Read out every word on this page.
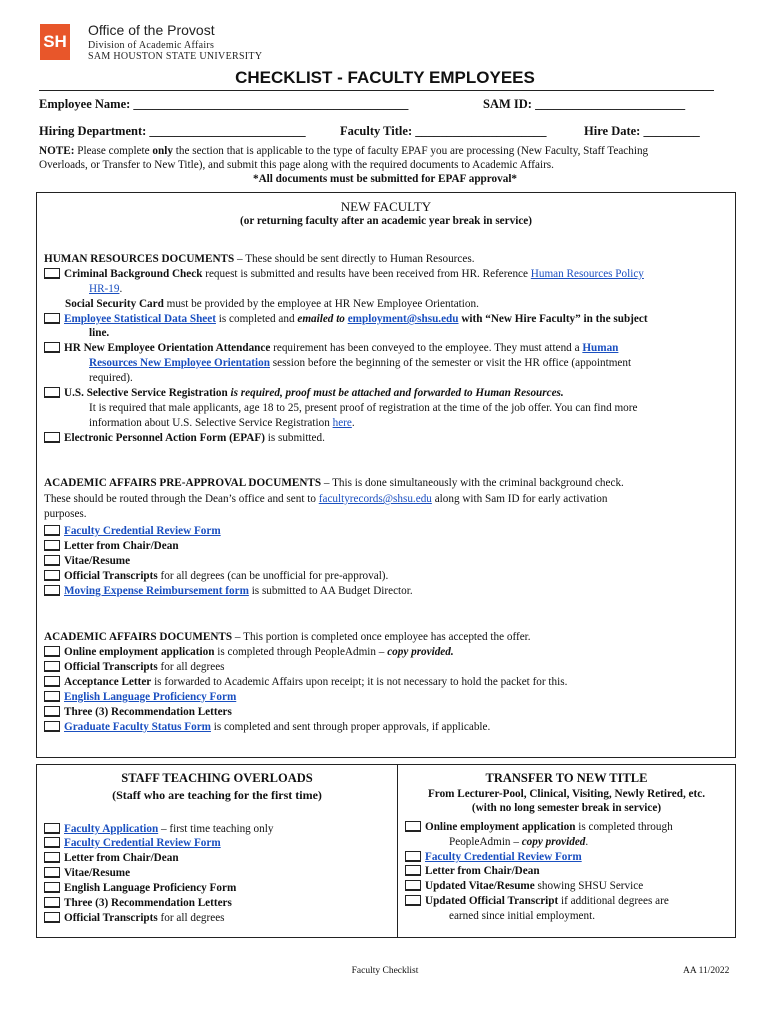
SH
Office of the Provost
Division of Academic Affairs
SAM HOUSTON STATE UNIVERSITY
CHECKLIST - FACULTY EMPLOYEES
Employee Name: ____________________________________________	SAM ID: ________________________
Hiring Department: _________________________	Faculty Title: _____________________	Hire Date: _________
NOTE: Please complete only the section that is applicable to the type of faculty EPAF you are processing (New Faculty, Staff Teaching
Overloads, or Transfer to New Title), and submit this page along with the required documents to Academic Affairs.
*All documents must be submitted for EPAF approval*
NEW FACULTY
(or returning faculty after an academic year break in service)
HUMAN RESOURCES DOCUMENTS – These should be sent directly to Human Resources.
Criminal Background Check request is submitted and results have been received from HR. Reference Human Resources Policy
HR-19.
Social Security Card must be provided by the employee at HR New Employee Orientation.
Employee Statistical Data Sheet is completed and emailed to employment@shsu.edu with “New Hire Faculty” in the subject
line.
HR New Employee Orientation Attendance requirement has been conveyed to the employee. They must attend a Human
Resources New Employee Orientation session before the beginning of the semester or visit the HR office (appointment
required).
U.S. Selective Service Registration is required, proof must be attached and forwarded to Human Resources.
It is required that male applicants, age 18 to 25, present proof of registration at the time of the job offer. You can find more
information about U.S. Selective Service Registration here.
Electronic Personnel Action Form (EPAF) is submitted.
ACADEMIC AFFAIRS PRE-APPROVAL DOCUMENTS – This is done simultaneously with the criminal background check.
These should be routed through the Dean’s office and sent to facultyrecords@shsu.edu along with Sam ID for early activation
purposes.
Faculty Credential Review Form
Letter from Chair/Dean
Vitae/Resume
Official Transcripts for all degrees (can be unofficial for pre-approval).
Moving Expense Reimbursement form is submitted to AA Budget Director.
ACADEMIC AFFAIRS DOCUMENTS – This portion is completed once employee has accepted the offer.
Online employment application is completed through PeopleAdmin – copy provided.
Official Transcripts for all degrees
Acceptance Letter is forwarded to Academic Affairs upon receipt; it is not necessary to hold the packet for this.
English Language Proficiency Form
Three (3) Recommendation Letters
Graduate Faculty Status Form is completed and sent through proper approvals, if applicable.
STAFF TEACHING OVERLOADS
(Staff who are teaching for the first time)
Faculty Application – first time teaching only
Faculty Credential Review Form
Letter from Chair/Dean
Vitae/Resume
English Language Proficiency Form
Three (3) Recommendation Letters
Official Transcripts for all degrees
TRANSFER TO NEW TITLE
From Lecturer-Pool, Clinical, Visiting, Newly Retired, etc.
(with no long semester break in service)
Online employment application is completed through
PeopleAdmin – copy provided.
Faculty Credential Review Form
Letter from Chair/Dean
Updated Vitae/Resume showing SHSU Service
Updated Official Transcript if additional degrees are
earned since initial employment.
Faculty Checklist	AA 11/2022
